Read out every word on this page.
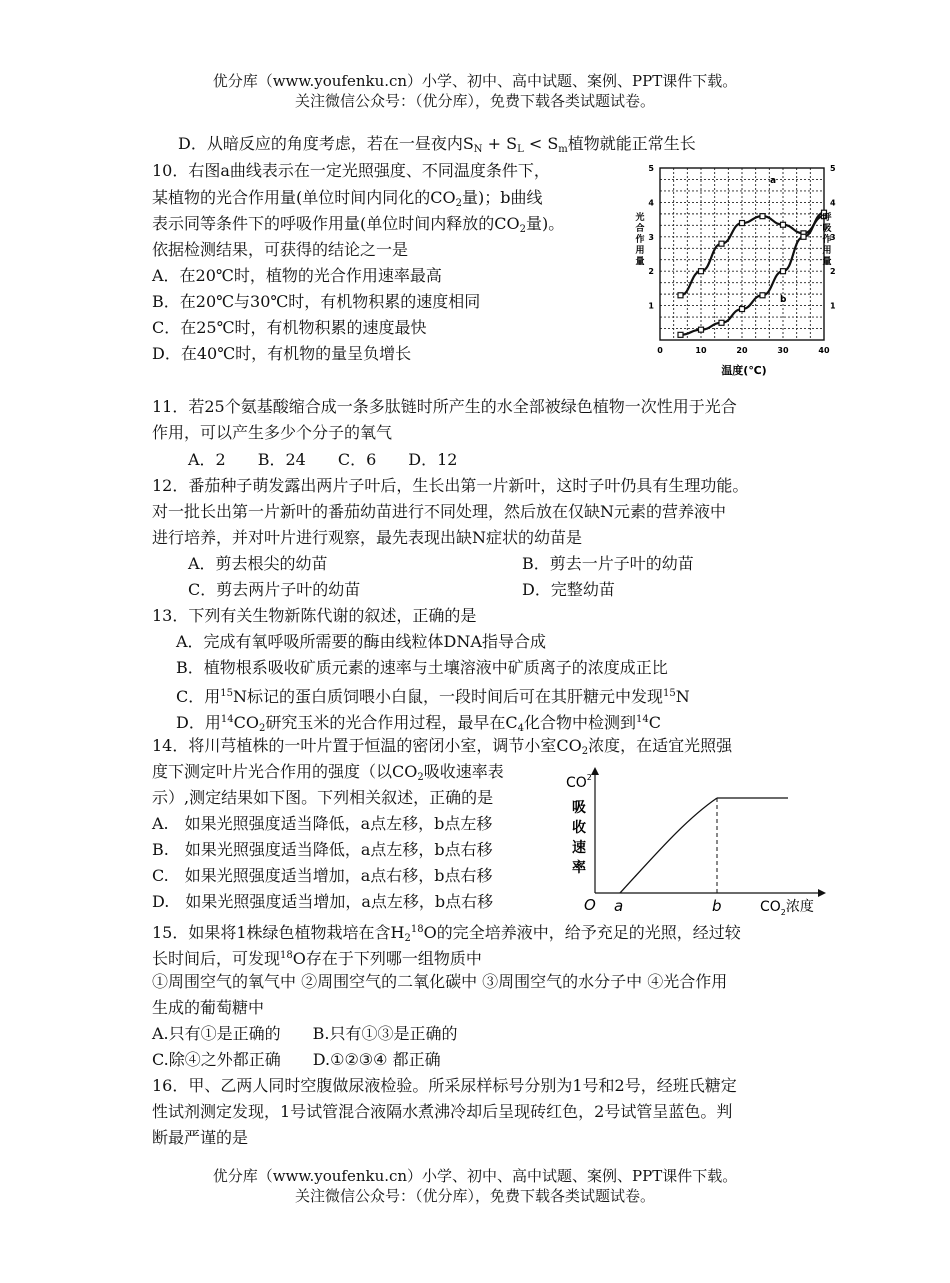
优分库（www.youfenku.cn）小学、初中、高中试题、案例、PPT课件下载。
关注微信公众号：（优分库），免费下载各类试题试卷。
D．从暗反应的角度考虑，若在一昼夜内$S_N + S_L < S_m$植物就能正常生长
10．右图a曲线表示在一定光照强度、不同温度条件下，
某植物的光合作用量(单位时间内同化的$CO_2$量)；b曲线
表示同等条件下的呼吸作用量(单位时间内释放的$CO_2$量)。
依据检测结果，可获得的结论之一是
A．在20℃时，植物的光合作用速率最高
B．在20℃与30℃时，有机物积累的速度相同
C．在25℃时，有机物积累的速度最快
D．在40℃时，有机物的量呈负增长
1
2
3
4
5
1
2
3
4
5
0	10	20	30	40
光合作用量
呼吸作用量
温度(℃)
a
b
11．若25个氨基酸缩合成一条多肽链时所产生的水全部被绿色植物一次性用于光合
作用，可以产生多少个分子的氧气
A．2　　B．24　　C．6　　D．12
12．番茄种子萌发露出两片子叶后，生长出第一片新叶，这时子叶仍具有生理功能。
对一批长出第一片新叶的番茄幼苗进行不同处理，然后放在仅缺N元素的营养液中
进行培养，并对叶片进行观察，最先表现出缺N症状的幼苗是
A．剪去根尖的幼苗	B．剪去一片子叶的幼苗
C．剪去两片子叶的幼苗	D．完整幼苗
13．下列有关生物新陈代谢的叙述，正确的是
A．完成有氧呼吸所需要的酶由线粒体DNA指导合成
B．植物根系吸收矿质元素的速率与土壤溶液中矿质离子的浓度成正比
C．用$^{15}$N标记的蛋白质饲喂小白鼠，一段时间后可在其肝糖元中发现$^{15}$N
D．用$^{14}CO_2$研究玉米的光合作用过程，最早在$C_4$化合物中检测到$^{14}$C
14．将川芎植株的一叶片置于恒温的密闭小室，调节小室$CO_2$浓度，在适宜光照强
度下测定叶片光合作用的强度（以$CO_2$吸收速率表
示）,测定结果如下图。下列相关叙述，正确的是
A.　如果光照强度适当降低，a点左移，b点左移
B.　如果光照强度适当降低，a点左移，b点右移
C.　如果光照强度适当增加，a点右移，b点右移
D.　如果光照强度适当增加，a点左移，b点右移
$CO^2$
吸
收
速
率
O a	b	$CO_2$浓度
15．如果将1株绿色植物栽培在含$H_2^{18}O$的完全培养液中，给予充足的光照，经过较
长时间后，可发现$^{18}$O存在于下列哪一组物质中
①周围空气的氧气中 ②周围空气的二氧化碳中 ③周围空气的水分子中 ④光合作用
生成的葡萄糖中
A.只有①是正确的　　B.只有①③是正确的
C.除④之外都正确　　D.①②③④ 都正确
16．甲、乙两人同时空腹做尿液检验。所采尿样标号分别为1号和2号，经班氏糖定
性试剂测定发现，1号试管混合液隔水煮沸冷却后呈现砖红色，2号试管呈蓝色。判
断最严谨的是
优分库（www.youfenku.cn）小学、初中、高中试题、案例、PPT课件下载。
关注微信公众号：（优分库），免费下载各类试题试卷。
